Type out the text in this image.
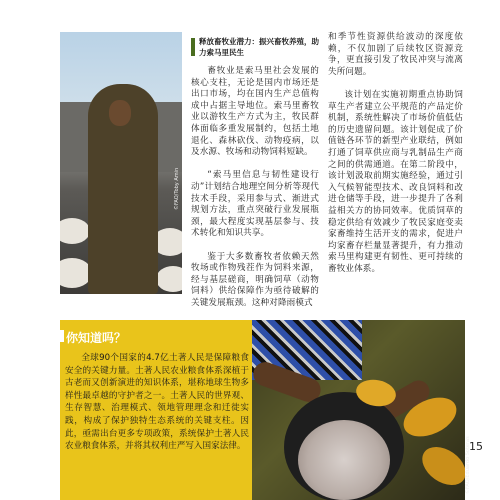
©FAO/Toby Amin
释放畜牧业潜力：振兴畜牧养殖，助力索马里民生

畜牧业是索马里社会发展的核心支柱，无论是国内市场还是出口市场，均在国内生产总值构成中占据主导地位。索马里畜牧业以游牧生产方式为主，牧民群体面临多重发展制约，包括土地退化、森林砍伐、动物疫病，以及水源、牧场和动物饲料短缺。

“索马里信息与韧性建设行动”计划结合地理空间分析等现代技术手段，采用参与式、渐进式规划方法，重点突破行业发展瓶颈，最大程度实现基层参与、技术转化和知识共享。

鉴于大多数畜牧者依赖天然牧场或作物残茬作为饲料来源，经与基层磋商，明确饲草（动物饲料）供给保障作为亟待破解的关键发展瓶颈。这种对降雨模式

和季节性资源供给波动的深度依赖，不仅加剧了后续牧区资源竞争，更直接引发了牧民冲突与流离失所问题。

该计划在实施初期重点协助饲草生产者建立公平规范的产品定价机制，系统性解决了市场价值低估的历史遗留问题。该计划促成了价值链各环节的新型产业联结，例如打通了饲草供应商与乳制品生产商之间的供需通道。在第二阶段中，该计划汲取前期实施经验，通过引入气候智能型技术、改良饲料和改进仓储等手段，进一步提升了各利益相关方的协同效率。优质饲草的稳定供给有效减少了牧民家庭变卖家畜维持生活开支的需求，促进户均家畜存栏量显著提升，有力推动索马里构建更有韧性、更可持续的畜牧业体系。

你知道吗？
全球90个国家的4.7亿土著人民是保障粮食安全的关键力量。土著人民农业粮食体系深植于古老而又创新演进的知识体系，堪称地球生物多样性最卓越的守护者之一。土著人民的世界观、生存智慧、治理模式、领地管理理念和迁徙实践，构成了保护独特生态系统的关键支柱。因此，亟需出台更多专项政策，系统保护土著人民农业粮食体系，并将其权利庄严写入国家法律。	©FAO/Eduardo Soteras
15
